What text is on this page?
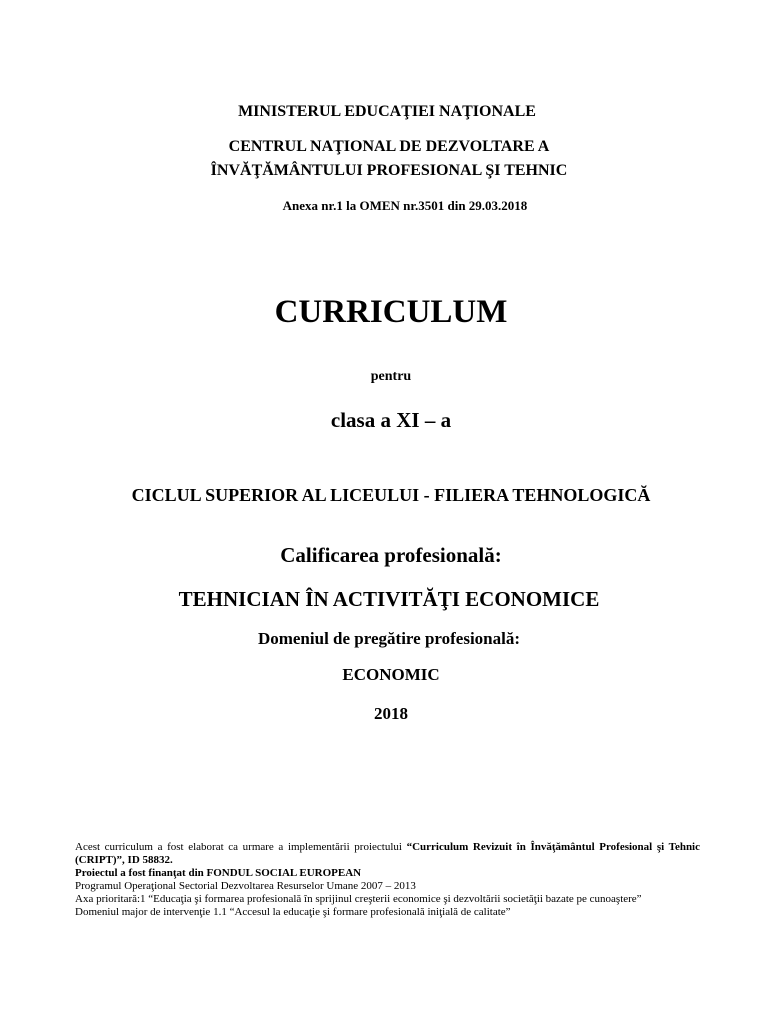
MINISTERUL EDUCAŢIEI NAŢIONALE
CENTRUL NAŢIONAL DE DEZVOLTARE A
ÎNVĂŢĂMÂNTULUI PROFESIONAL ŞI TEHNIC
Anexa nr.1 la OMEN nr.3501 din 29.03.2018
CURRICULUM
pentru
clasa a XI – a
CICLUL SUPERIOR AL LICEULUI - FILIERA TEHNOLOGICĂ
Calificarea profesională:
TEHNICIAN ÎN ACTIVITĂŢI ECONOMICE
Domeniul de pregătire profesională:
ECONOMIC
2018

Acest curriculum a fost elaborat ca urmare a implementării proiectului “Curriculum Revizuit în Învăţământul Profesional şi Tehnic (CRIPT)”, ID 58832.

Proiectul a fost finanţat din FONDUL SOCIAL EUROPEAN

Programul Operaţional Sectorial Dezvoltarea Resurselor Umane 2007 – 2013

Axa prioritară:1 “Educaţia şi formarea profesională în sprijinul creşterii economice şi dezvoltării societăţii bazate pe cunoaştere”

Domeniul major de intervenţie 1.1 “Accesul la educaţie şi formare profesională iniţială de calitate”
